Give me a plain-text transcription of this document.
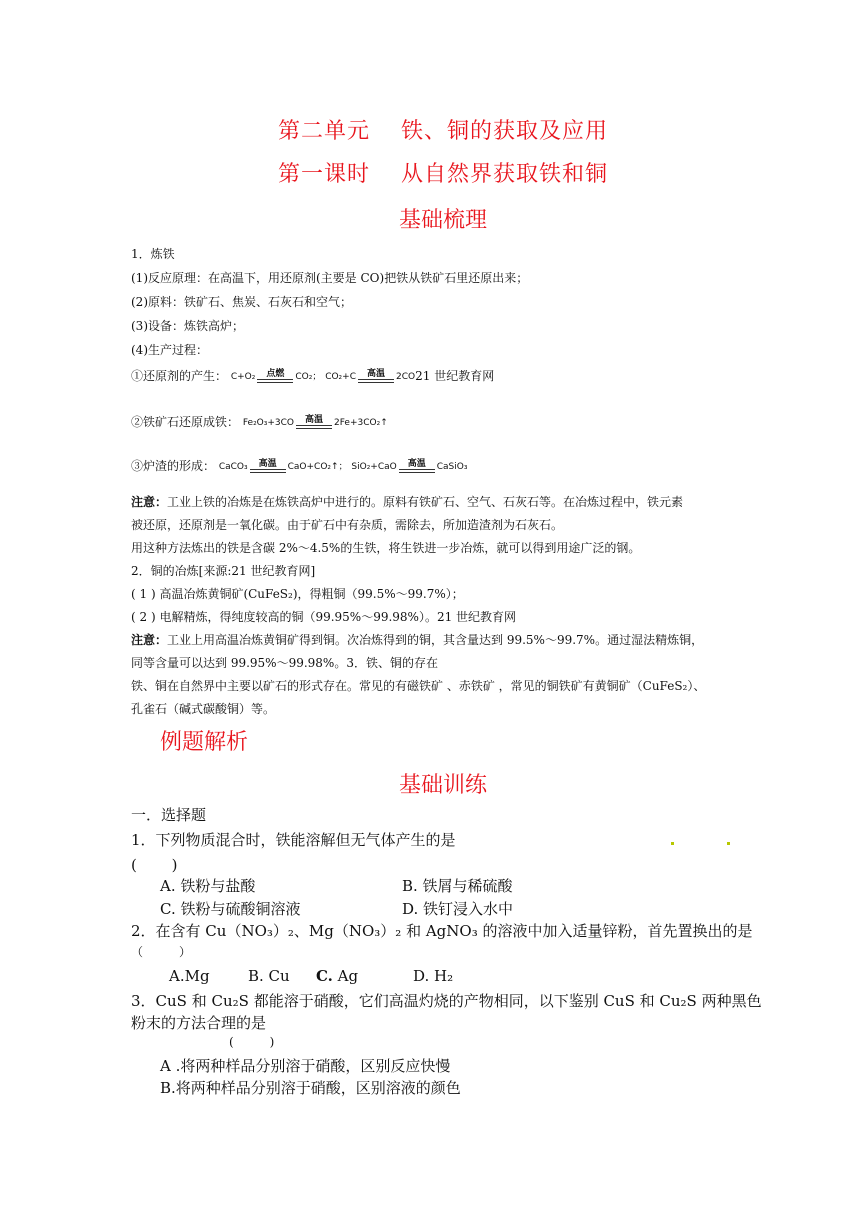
第二单元　 铁、铜的获取及应用
第一课时　 从自然界获取铁和铜
基础梳理
1．炼铁
(1)反应原理：在高温下，用还原剂(主要是 CO)把铁从铁矿石里还原出来；
(2)原料：铁矿石、焦炭、石灰石和空气；
(3)设备：炼铁高炉；
(4)生产过程：
①还原剂的产生： C+O₂	点燃	CO₂； CO₂+C	高温	2CO21 世纪教育网
②铁矿石还原成铁： Fe₂O₃+3CO	高温	2Fe+3CO₂↑
③炉渣的形成： CaCO₃	高温	CaO+CO₂↑； SiO₂+CaO	高温	CaSiO₃
注意：工业上铁的冶炼是在炼铁高炉中进行的。原料有铁矿石、空气、石灰石等。在冶炼过程中，铁元素
被还原，还原剂是一氧化碳。由于矿石中有杂质，需除去，所加造渣剂为石灰石。
用这种方法炼出的铁是含碳 2%～4.5%的生铁，将生铁进一步冶炼，就可以得到用途广泛的钢。
2．铜的冶炼[来源:21 世纪教育网]
( 1 ) 高温冶炼黄铜矿(CuFeS₂)，得粗铜（99.5%～99.7%）；
( 2 ) 电解精炼，得纯度较高的铜（99.95%～99.98%）。21 世纪教育网
注意：工业上用高温冶炼黄铜矿得到铜。次冶炼得到的铜，其含量达到 99.5%～99.7%。通过湿法精炼铜，
同等含量可以达到 99.95%～99.98%。3．铁、铜的存在
铁、铜在自然界中主要以矿石的形式存在。常见的有磁铁矿 、赤铁矿 ，常见的铜铁矿有黄铜矿（CuFeS₂）、
孔雀石（碱式碳酸铜）等。
例题解析
基础训练
一．选择题
1．下列物质混合时，铁能溶解但无气体产生的是
(　　 )
A. 铁粉与盐酸	B. 铁屑与稀硫酸
C. 铁粉与硫酸铜溶液	D. 铁钉浸入水中
2．在含有 Cu（NO₃）₂、Mg（NO₃）₂ 和 AgNO₃ 的溶液中加入适量锌粉，首先置换出的是
（　　　）
A.Mg	B. Cu C. Ag	D. H₂
3．CuS 和 Cu₂S 都能溶于硝酸，它们高温灼烧的产物相同，以下鉴别 CuS 和 Cu₂S 两种黑色
粉末的方法合理的是
(　　　)
A .将两种样品分别溶于硝酸，区别反应快慢
B.将两种样品分别溶于硝酸，区别溶液的颜色
